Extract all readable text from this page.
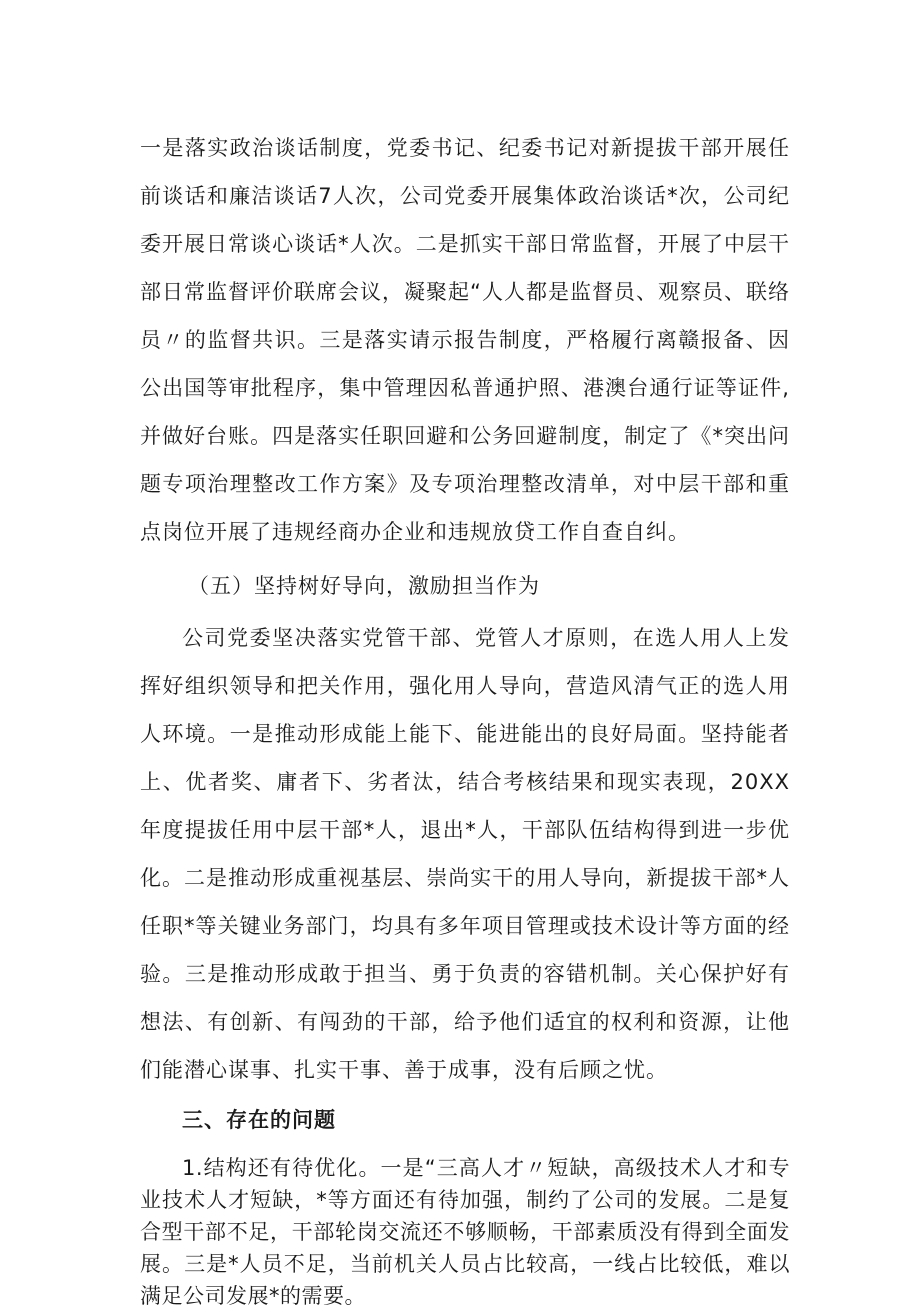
一是落实政治谈话制度，党委书记、纪委书记对新提拔干部开展任前谈话和廉洁谈话7人次，公司党委开展集体政治谈话*次，公司纪委开展日常谈心谈话*人次。二是抓实干部日常监督，开展了中层干部日常监督评价联席会议，凝聚起“人人都是监督员、观察员、联络员〃的监督共识。三是落实请示报告制度，严格履行离赣报备、因公出国等审批程序，集中管理因私普通护照、港澳台通行证等证件,并做好台账。四是落实任职回避和公务回避制度，制定了《*突出问题专项治理整改工作方案》及专项治理整改清单，对中层干部和重点岗位开展了违规经商办企业和违规放贷工作自查自纠。

（五）坚持树好导向，激励担当作为

公司党委坚决落实党管干部、党管人才原则，在选人用人上发挥好组织领导和把关作用，强化用人导向，营造风清气正的选人用人环境。一是推动形成能上能下、能进能出的良好局面。坚持能者上、优者奖、庸者下、劣者汰，结合考核结果和现实表现，20XX年度提拔任用中层干部*人，退出*人，干部队伍结构得到进一步优化。二是推动形成重视基层、崇尚实干的用人导向，新提拔干部*人任职*等关键业务部门，均具有多年项目管理或技术设计等方面的经验。三是推动形成敢于担当、勇于负责的容错机制。关心保护好有想法、有创新、有闯劲的干部，给予他们适宜的权利和资源，让他们能潜心谋事、扎实干事、善于成事，没有后顾之忧。

三、存在的问题

1.结构还有待优化。一是“三高人才〃短缺，高级技术人才和专业技术人才短缺，*等方面还有待加强，制约了公司的发展。二是复合型干部不足，干部轮岗交流还不够顺畅，干部素质没有得到全面发展。三是*人员不足，当前机关人员占比较高，一线占比较低，难以满足公司发展*的需要。
